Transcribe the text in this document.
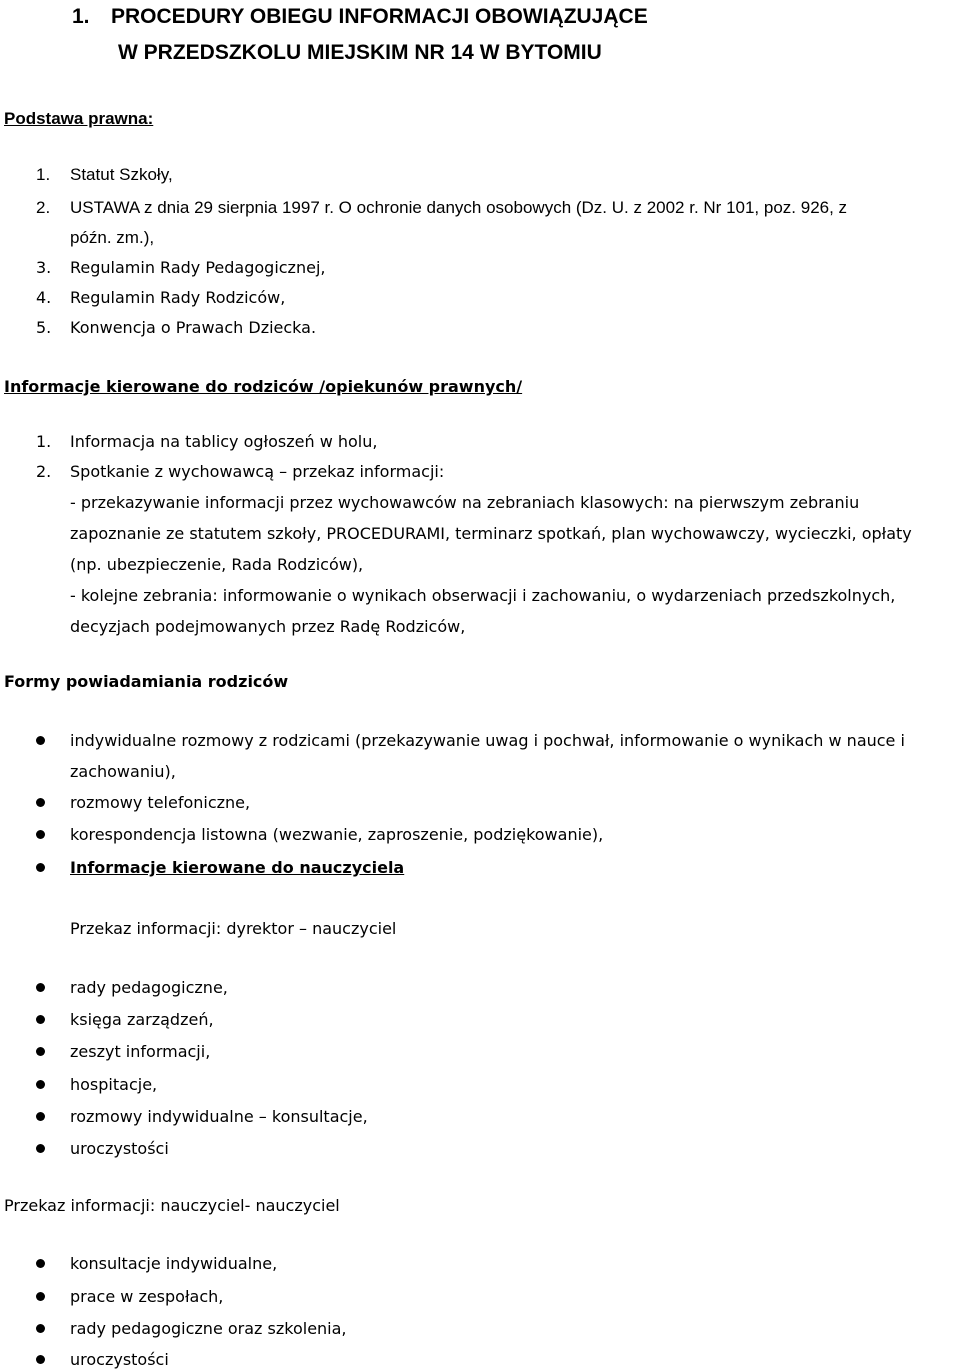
1. PROCEDURY OBIEGU INFORMACJI OBOWIĄZUJĄCE
W PRZEDSZKOLU MIEJSKIM NR 14 W BYTOMIU
Podstawa prawna:
1. Statut Szkoły,
2. USTAWA z dnia 29 sierpnia 1997 r. O ochronie danych osobowych (Dz. U. z 2002 r. Nr 101, poz. 926, z
późn. zm.),
3. Regulamin Rady Pedagogicznej,
4. Regulamin Rady Rodziców,
5. Konwencja o Prawach Dziecka.
Informacje kierowane do rodziców /opiekunów prawnych/
1. Informacja na tablicy ogłoszeń w holu,
2. Spotkanie z wychowawcą – przekaz informacji:
- przekazywanie informacji przez wychowawców na zebraniach klasowych: na pierwszym zebraniu
zapoznanie ze statutem szkoły, PROCEDURAMI, terminarz spotkań, plan wychowawczy, wycieczki, opłaty
(np. ubezpieczenie, Rada Rodziców),
- kolejne zebrania: informowanie o wynikach obserwacji i zachowaniu, o wydarzeniach przedszkolnych,
decyzjach podejmowanych przez Radę Rodziców,
Formy powiadamiania rodziców
indywidualne rozmowy z rodzicami (przekazywanie uwag i pochwał, informowanie o wynikach w nauce i
zachowaniu),
rozmowy telefoniczne,
korespondencja listowna (wezwanie, zaproszenie, podziękowanie),
Informacje kierowane do nauczyciela
Przekaz informacji: dyrektor – nauczyciel
rady pedagogiczne,
księga zarządzeń,
zeszyt informacji,
hospitacje,
rozmowy indywidualne – konsultacje,
uroczystości
Przekaz informacji: nauczyciel- nauczyciel
konsultacje indywidualne,
prace w zespołach,
rady pedagogiczne oraz szkolenia,
uroczystości
